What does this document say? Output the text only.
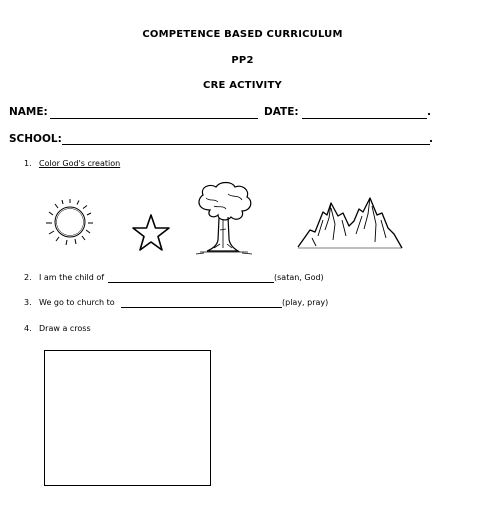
COMPETENCE BASED CURRICULUM
PP2
CRE ACTIVITY
NAME:	DATE:	.
SCHOOL:	.
1. Color God's creation
2. I am the child of	(satan, God)
3. We go to church to	(play, pray)
4. Draw a cross
